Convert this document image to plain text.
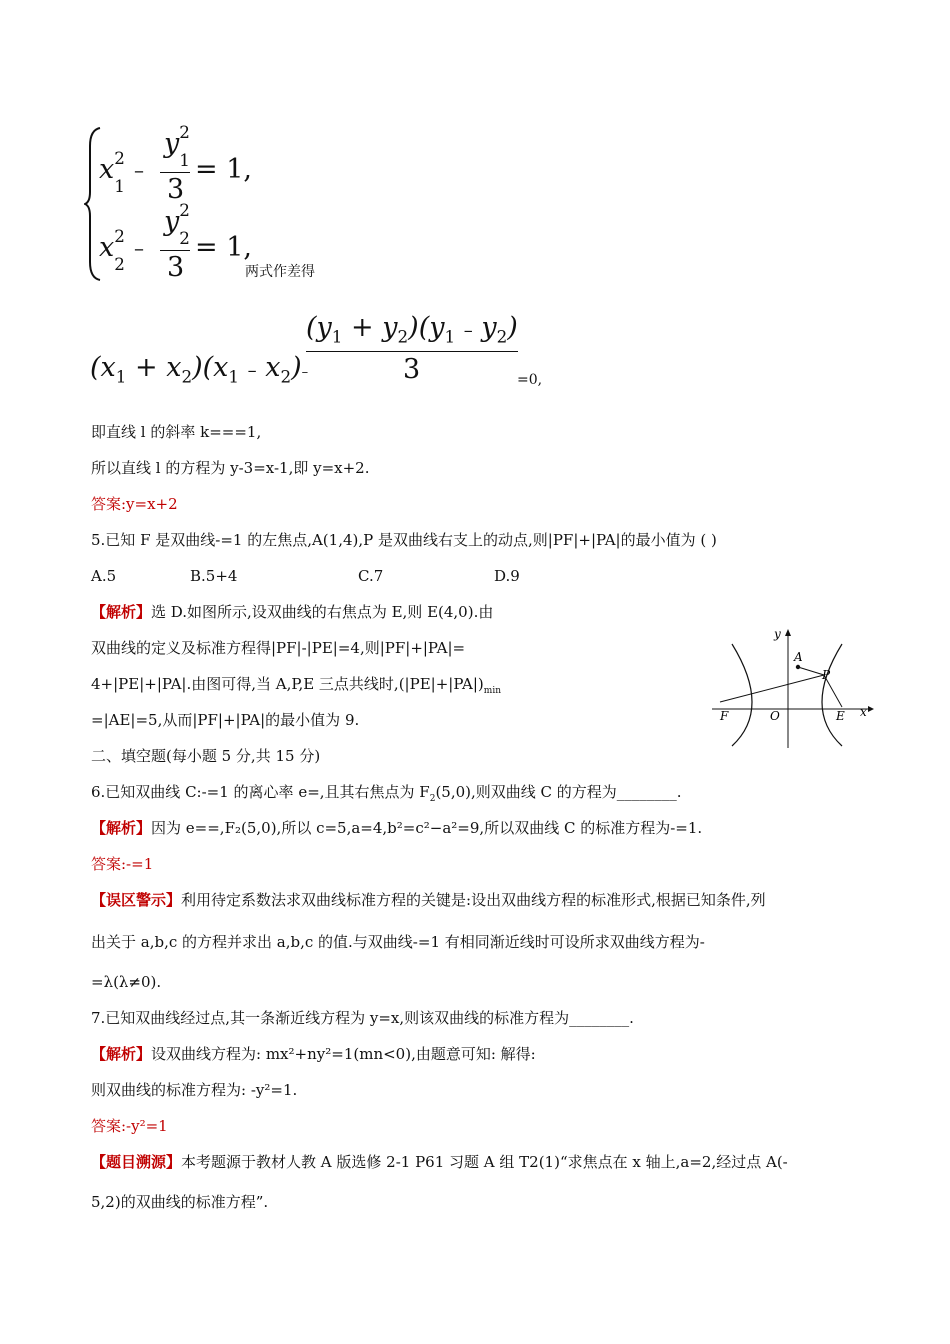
x 2
1
–
y 2
1
3
= 1,
x 2
2
–
y 2
2
3
= 1,
两式作差得
$(x_1 + x_2)(x_1 - x_2)-$
$(y_1 + y_2)(y_1 - y_2)$
3	=0,
即直线 l 的斜率 k===1,
所以直线 l 的方程为 y-3=x-1,即 y=x+2.
答案:y=x+2
5.已知 F 是双曲线-=1 的左焦点,A(1,4),P 是双曲线右支上的动点,则|PF|+|PA|的最小值为 ( )
A.5	B.5+4	C.7	D.9
【解析】选 D.如图所示,设双曲线的右焦点为 E,则 E(4,0).由
双曲线的定义及标准方程得|PF|-|PE|=4,则|PF|+|PA|=
4+|PE|+|PA|.由图可得,当 A,P,E 三点共线时$,(|PE|+|PA|)_{min}$
=|AE|=5,从而|PF|+|PA|的最小值为 9.
y
x
A
P
F	O	E
二、填空题(每小题 5 分,共 15 分)
6.已知双曲线 C:-=1 的离心率 e=,且其右焦点为 $F_2(5,0)$,则双曲线 C 的方程为________.
【解析】因为 e==,F₂(5,0),所以 c=5,a=4,b²=c²−a²=9,所以双曲线 C 的标准方程为-=1.
答案:-=1
【误区警示】利用待定系数法求双曲线标准方程的关键是:设出双曲线方程的标准形式,根据已知条件,列
出关于 a,b,c 的方程并求出 a,b,c 的值.与双曲线-=1 有相同渐近线时可设所求双曲线方程为-
=λ(λ≠0).
7.已知双曲线经过点,其一条渐近线方程为 y=x,则该双曲线的标准方程为________.
【解析】设双曲线方程为: mx²+ny²=1(mn<0),由题意可知: 解得:
则双曲线的标准方程为: -y²=1.
答案:-y²=1
【题目溯源】本考题源于教材人教 A 版选修 2-1 P61 习题 A 组 T2(1)“求焦点在 x 轴上,a=2,经过点 A(-
5,2)的双曲线的标准方程”.
